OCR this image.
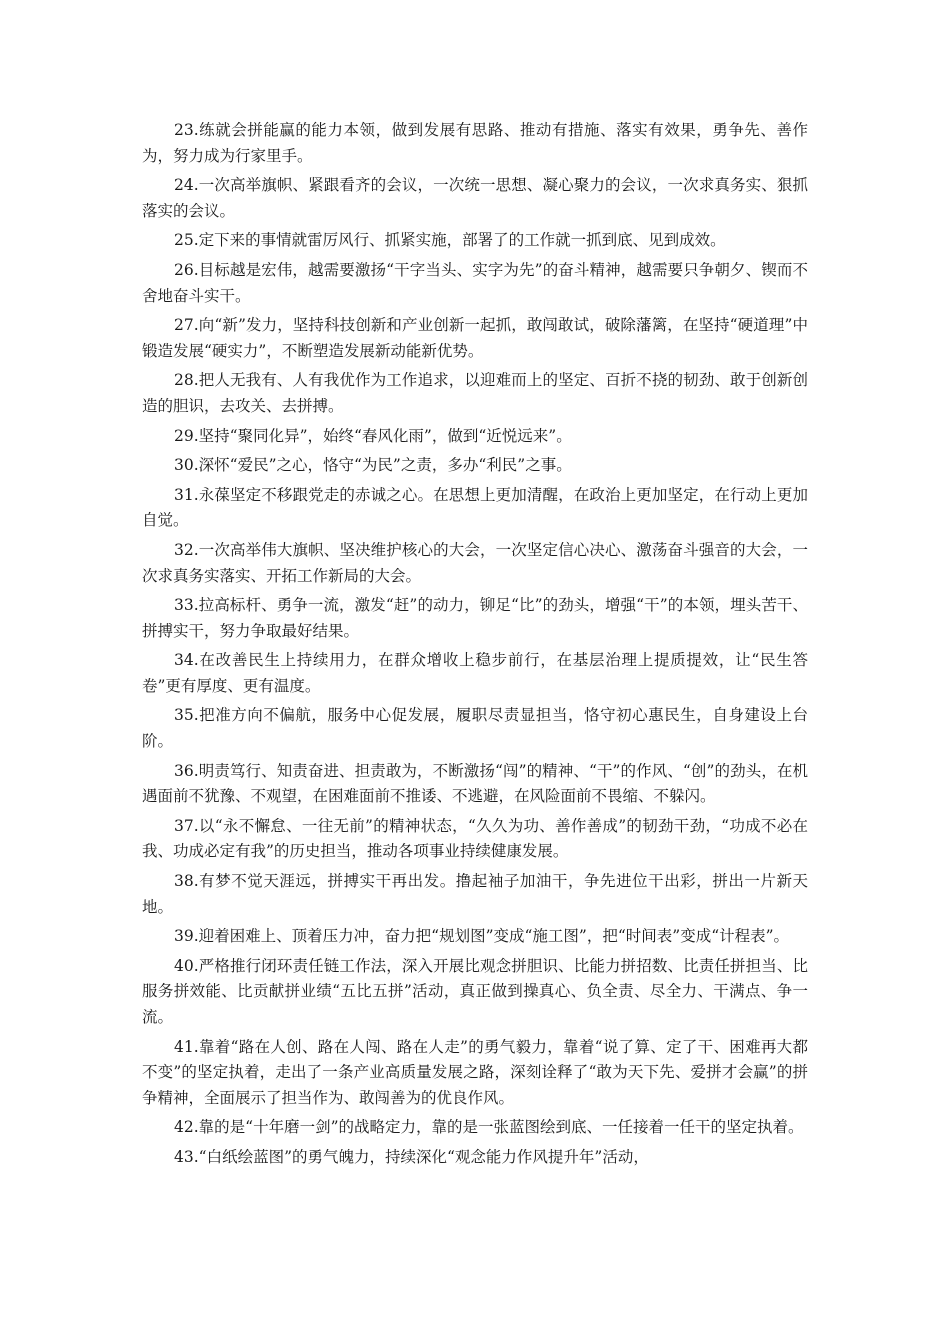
23.练就会拼能赢的能力本领，做到发展有思路、推动有措施、落实有效果，勇争先、善作为，努力成为行家里手。

24.一次高举旗帜、紧跟看齐的会议，一次统一思想、凝心聚力的会议，一次求真务实、狠抓落实的会议。

25.定下来的事情就雷厉风行、抓紧实施，部署了的工作就一抓到底、见到成效。

26.目标越是宏伟，越需要激扬“干字当头、实字为先”的奋斗精神，越需要只争朝夕、锲而不舍地奋斗实干。

27.向“新”发力，坚持科技创新和产业创新一起抓，敢闯敢试，破除藩篱，在坚持“硬道理”中锻造发展“硬实力”，不断塑造发展新动能新优势。

28.把人无我有、人有我优作为工作追求，以迎难而上的坚定、百折不挠的韧劲、敢于创新创造的胆识，去攻关、去拼搏。

29.坚持“聚同化异”，始终“春风化雨”，做到“近悦远来”。

30.深怀“爱民”之心，恪守“为民”之责，多办“利民”之事。

31.永葆坚定不移跟党走的赤诚之心。在思想上更加清醒，在政治上更加坚定，在行动上更加自觉。

32.一次高举伟大旗帜、坚决维护核心的大会，一次坚定信心决心、激荡奋斗强音的大会，一次求真务实落实、开拓工作新局的大会。

33.拉高标杆、勇争一流，激发“赶”的动力，铆足“比”的劲头，增强“干”的本领，埋头苦干、拼搏实干，努力争取最好结果。

34.在改善民生上持续用力，在群众增收上稳步前行，在基层治理上提质提效，让“民生答卷”更有厚度、更有温度。

35.把准方向不偏航，服务中心促发展，履职尽责显担当，恪守初心惠民生，自身建设上台阶。

36.明责笃行、知责奋进、担责敢为，不断激扬“闯”的精神、“干”的作风、“创”的劲头，在机遇面前不犹豫、不观望，在困难面前不推诿、不逃避，在风险面前不畏缩、不躲闪。

37.以“永不懈怠、一往无前”的精神状态，“久久为功、善作善成”的韧劲干劲，“功成不必在我、功成必定有我”的历史担当，推动各项事业持续健康发展。

38.有梦不觉天涯远，拼搏实干再出发。撸起袖子加油干，争先进位干出彩，拼出一片新天地。

39.迎着困难上、顶着压力冲，奋力把“规划图”变成“施工图”，把“时间表”变成“计程表”。

40.严格推行闭环责任链工作法，深入开展比观念拼胆识、比能力拼招数、比责任拼担当、比服务拼效能、比贡献拼业绩“五比五拼”活动，真正做到操真心、负全责、尽全力、干满点、争一流。

41.靠着“路在人创、路在人闯、路在人走”的勇气毅力，靠着“说了算、定了干、困难再大都不变”的坚定执着，走出了一条产业高质量发展之路，深刻诠释了“敢为天下先、爱拼才会赢”的拼争精神，全面展示了担当作为、敢闯善为的优良作风。

42.靠的是“十年磨一剑”的战略定力，靠的是一张蓝图绘到底、一任接着一任干的坚定执着。

43.“白纸绘蓝图”的勇气魄力，持续深化“观念能力作风提升年”活动，
